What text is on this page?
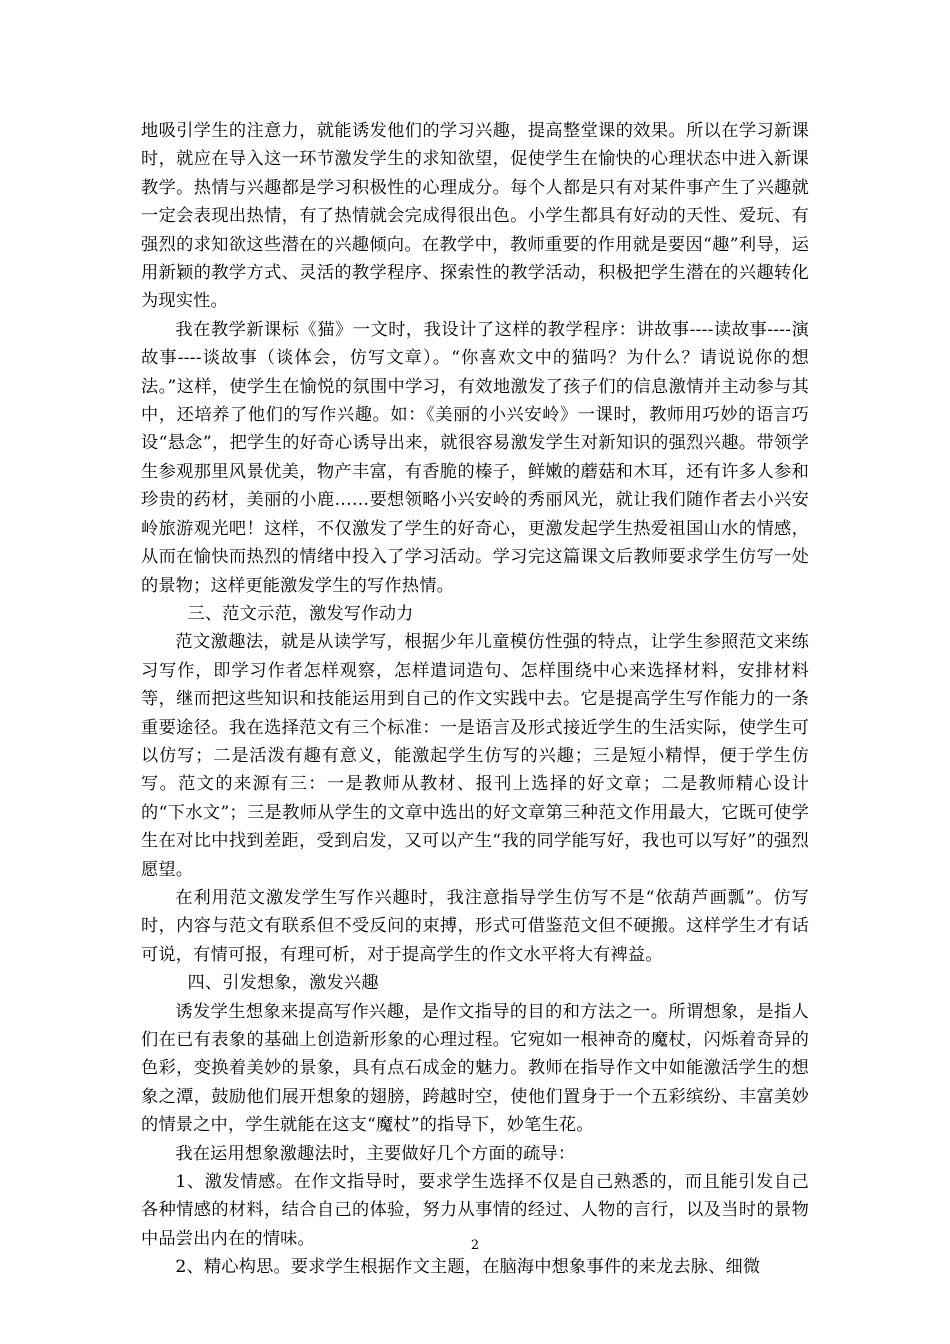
地吸引学生的注意力，就能诱发他们的学习兴趣，提高整堂课的效果。所以在学习新课时，就应在导入这一环节激发学生的求知欲望，促使学生在愉快的心理状态中进入新课教学。热情与兴趣都是学习积极性的心理成分。每个人都是只有对某件事产生了兴趣就一定会表现出热情，有了热情就会完成得很出色。小学生都具有好动的天性、爱玩、有强烈的求知欲这些潜在的兴趣倾向。在教学中，教师重要的作用就是要因“趣”利导，运用新颖的教学方式、灵活的教学程序、探索性的教学活动，积极把学生潜在的兴趣转化为现实性。

我在教学新课标《猫》一文时，我设计了这样的教学程序：讲故事----读故事----演故事----谈故事（谈体会，仿写文章）。“你喜欢文中的猫吗？为什么？请说说你的想法。”这样，使学生在愉悦的氛围中学习，有效地激发了孩子们的信息激情并主动参与其中，还培养了他们的写作兴趣。如：《美丽的小兴安岭》一课时，教师用巧妙的语言巧设“悬念”，把学生的好奇心诱导出来，就很容易激发学生对新知识的强烈兴趣。带领学生参观那里风景优美，物产丰富，有香脆的榛子，鲜嫩的蘑菇和木耳，还有许多人参和珍贵的药材，美丽的小鹿……要想领略小兴安岭的秀丽风光，就让我们随作者去小兴安岭旅游观光吧！这样，不仅激发了学生的好奇心，更激发起学生热爱祖国山水的情感，从而在愉快而热烈的情绪中投入了学习活动。学习完这篇课文后教师要求学生仿写一处的景物；这样更能激发学生的写作热情。

三、范文示范，激发写作动力

范文激趣法，就是从读学写，根据少年儿童模仿性强的特点，让学生参照范文来练习写作，即学习作者怎样观察，怎样遣词造句、怎样围绕中心来选择材料，安排材料等，继而把这些知识和技能运用到自己的作文实践中去。它是提高学生写作能力的一条重要途径。我在选择范文有三个标准：一是语言及形式接近学生的生活实际，使学生可以仿写；二是活泼有趣有意义，能激起学生仿写的兴趣；三是短小精悍，便于学生仿写。范文的来源有三：一是教师从教材、报刊上选择的好文章；二是教师精心设计的“下水文”；三是教师从学生的文章中选出的好文章第三种范文作用最大，它既可使学生在对比中找到差距，受到启发，又可以产生“我的同学能写好，我也可以写好”的强烈愿望。

在利用范文激发学生写作兴趣时，我注意指导学生仿写不是“依葫芦画瓢”。仿写时，内容与范文有联系但不受反问的束搏，形式可借鉴范文但不硬搬。这样学生才有话可说，有情可报，有理可析，对于提高学生的作文水平将大有裨益。

四、引发想象，激发兴趣

诱发学生想象来提高写作兴趣，是作文指导的目的和方法之一。所谓想象，是指人们在已有表象的基础上创造新形象的心理过程。它宛如一根神奇的魔杖，闪烁着奇异的色彩，变换着美妙的景象，具有点石成金的魅力。教师在指导作文中如能激活学生的想象之潭，鼓励他们展开想象的翅膀，跨越时空，使他们置身于一个五彩缤纷、丰富美妙的情景之中，学生就能在这支“魔杖”的指导下，妙笔生花。

我在运用想象激趣法时，主要做好几个方面的疏导：

1、激发情感。在作文指导时，要求学生选择不仅是自己熟悉的，而且能引发自己各种情感的材料，结合自己的体验，努力从事情的经过、人物的言行，以及当时的景物中品尝出内在的情味。

2、精心构思。要求学生根据作文主题，在脑海中想象事件的来龙去脉、细微

2
